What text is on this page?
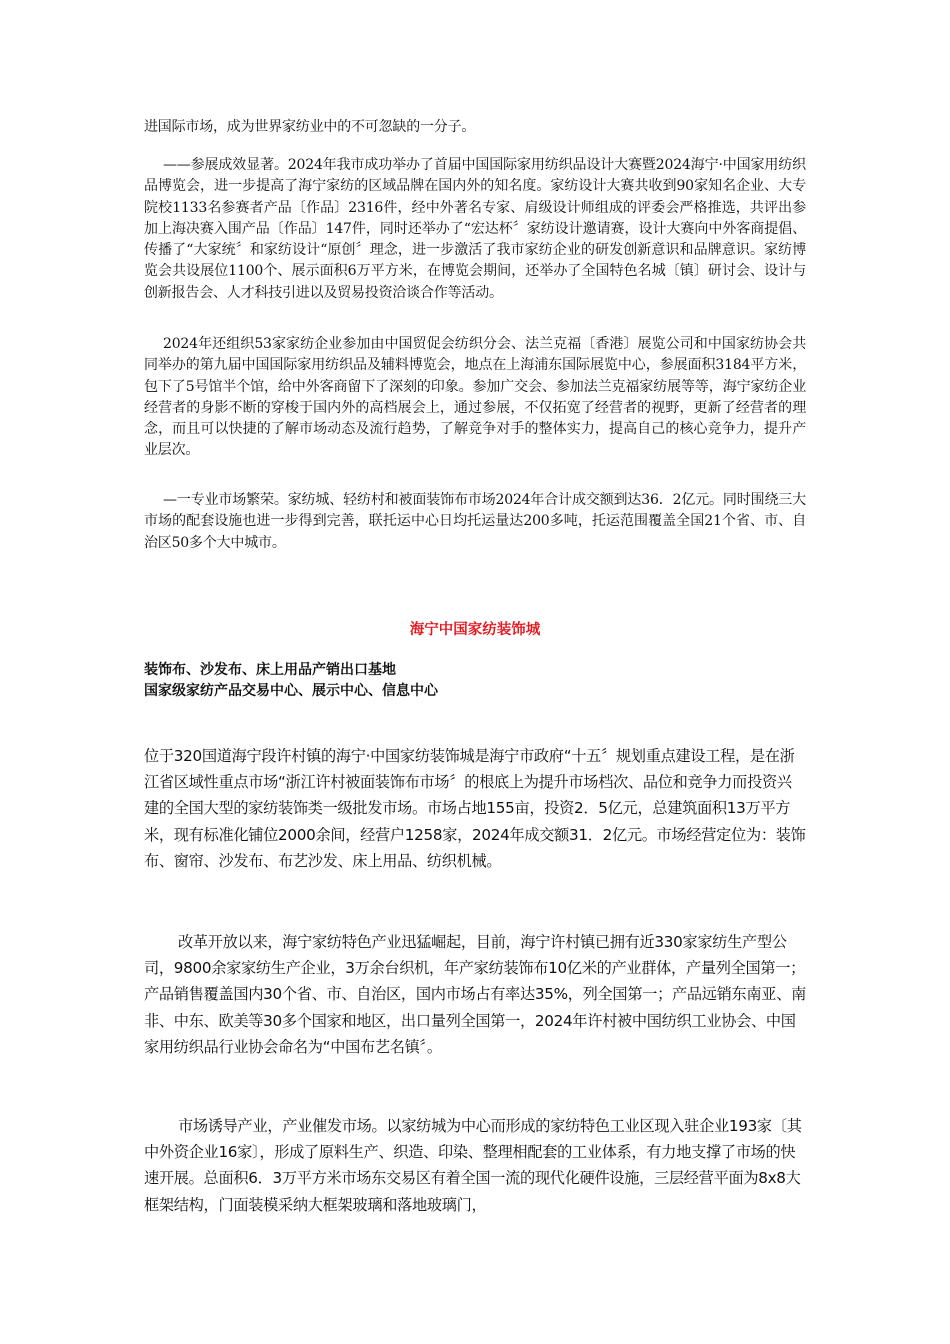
进国际市场，成为世界家纺业中的不可忽缺的一分子。

——参展成效显著。2024年我市成功举办了首届中国国际家用纺织品设计大赛暨2024海宁·中国家用纺织品博览会，进一步提高了海宁家纺的区域品牌在国内外的知名度。家纺设计大赛共收到90家知名企业、大专院校1133名参赛者产品〔作品〕2316件，经中外著名专家、肩级设计师组成的评委会严格推选，共评出参加上海决赛入围产品〔作品〕147件，同时还举办了“宏达杯〞家纺设计邀请赛，设计大赛向中外客商提倡、传播了“大家统〞和家纺设计“原创〞理念，进一步激活了我市家纺企业的研发创新意识和品牌意识。家纺博览会共设展位1100个、展示面积6万平方米，在博览会期间，还举办了全国特色名城〔镇〕研讨会、设计与创新报告会、人才科技引进以及贸易投资洽谈合作等活动。

2024年还组织53家家纺企业参加由中国贸促会纺织分会、法兰克福〔香港〕展览公司和中国家纺协会共同举办的第九届中国国际家用纺织品及辅料博览会，地点在上海浦东国际展览中心，参展面积3184平方米，包下了5号馆半个馆，给中外客商留下了深刻的印象。参加广交会、参加法兰克福家纺展等等，海宁家纺企业经营者的身影不断的穿梭于国内外的高档展会上，通过参展，不仅拓宽了经营者的视野，更新了经营者的理念，而且可以快捷的了解市场动态及流行趋势，了解竞争对手的整体实力，提高自己的核心竞争力，提升产业层次。

—一专业市场繁荣。家纺城、轻纺村和被面装饰布市场2024年合计成交额到达36．2亿元。同时围绕三大市场的配套设施也进一步得到完善，联托运中心日均托运量达200多吨，托运范围覆盖全国21个省、市、自治区50多个大中城市。

海宁中国家纺装饰城
装饰布、沙发布、床上用品产销出口基地
国家级家纺产品交易中心、展示中心、信息中心

位于320国道海宁段许村镇的海宁·中国家纺装饰城是海宁市政府“十五〞规划重点建设工程，是在浙江省区域性重点市场“浙江许村被面装饰布市场〞的根底上为提升市场档次、品位和竞争力而投资兴建的全国大型的家纺装饰类一级批发市场。市场占地155亩，投资2．5亿元，总建筑面积13万平方米，现有标准化铺位2000余间，经营户1258家，2024年成交额31．2亿元。市场经营定位为：装饰布、窗帘、沙发布、布艺沙发、床上用品、纺织机械。

改革开放以来，海宁家纺特色产业迅猛崛起，目前，海宁许村镇已拥有近330家家纺生产型公司，9800余家家纺生产企业，3万余台织机，年产家纺装饰布10亿米的产业群体，产量列全国第一；产品销售覆盖国内30个省、市、自治区，国内市场占有率达35%，列全国第一；产品远销东南亚、南非、中东、欧美等30多个国家和地区，出口量列全国第一，2024年许村被中国纺织工业协会、中国家用纺织品行业协会命名为“中国布艺名镇〞。

市场诱导产业，产业催发市场。以家纺城为中心而形成的家纺特色工业区现入驻企业193家〔其中外资企业16家〕，形成了原料生产、织造、印染、整理相配套的工业体系，有力地支撑了市场的快速开展。总面积6．3万平方米市场东交易区有着全国一流的现代化硬件设施，三层经营平面为8x8大框架结构，门面装模采纳大框架玻璃和落地玻璃门，
